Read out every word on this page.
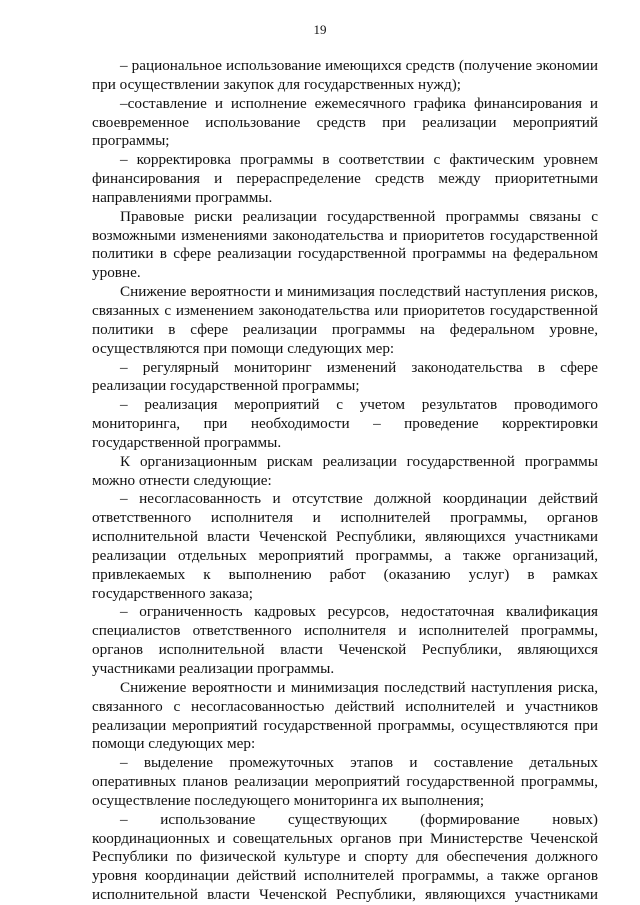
19

– рациональное использование имеющихся средств (получение экономии при осуществлении закупок для государственных нужд);

–составление и исполнение ежемесячного графика финансирования и своевременное использование средств при реализации мероприятий программы;

– корректировка программы в соответствии с фактическим уровнем финансирования и перераспределение средств между приоритетными направлениями программы.

Правовые риски реализации государственной программы связаны с возможными изменениями законодательства и приоритетов государственной политики в сфере реализации государственной программы на федеральном уровне.

Снижение вероятности и минимизация последствий наступления рисков, связанных с изменением законодательства или приоритетов государственной политики в сфере реализации программы на федеральном уровне, осуществляются при помощи следующих мер:

– регулярный мониторинг изменений законодательства в сфере реализации государственной программы;

– реализация мероприятий с учетом результатов проводимого мониторинга, при необходимости – проведение корректировки государственной программы.

К организационным рискам реализации государственной программы можно отнести следующие:

– несогласованность и отсутствие должной координации действий ответственного исполнителя и исполнителей программы, органов исполнительной власти Чеченской Республики, являющихся участниками реализации отдельных мероприятий программы, а также организаций, привлекаемых к выполнению работ (оказанию услуг) в рамках государственного заказа;

– ограниченность кадровых ресурсов, недостаточная квалификация специалистов ответственного исполнителя и исполнителей программы, органов исполнительной власти Чеченской Республики, являющихся участниками реализации программы.

Снижение вероятности и минимизация последствий наступления риска, связанного с несогласованностью действий исполнителей и участников реализации мероприятий государственной программы, осуществляются при помощи следующих мер:

– выделение промежуточных этапов и составление детальных оперативных планов реализации мероприятий государственной программы, осуществление последующего мониторинга их выполнения;

– использование существующих (формирование новых) координационных и совещательных органов при Министерстве Чеченской Республики по физической культуре и спорту для обеспечения должного уровня координации действий исполнителей программы, а также органов исполнительной власти Чеченской Республики, являющихся участниками
